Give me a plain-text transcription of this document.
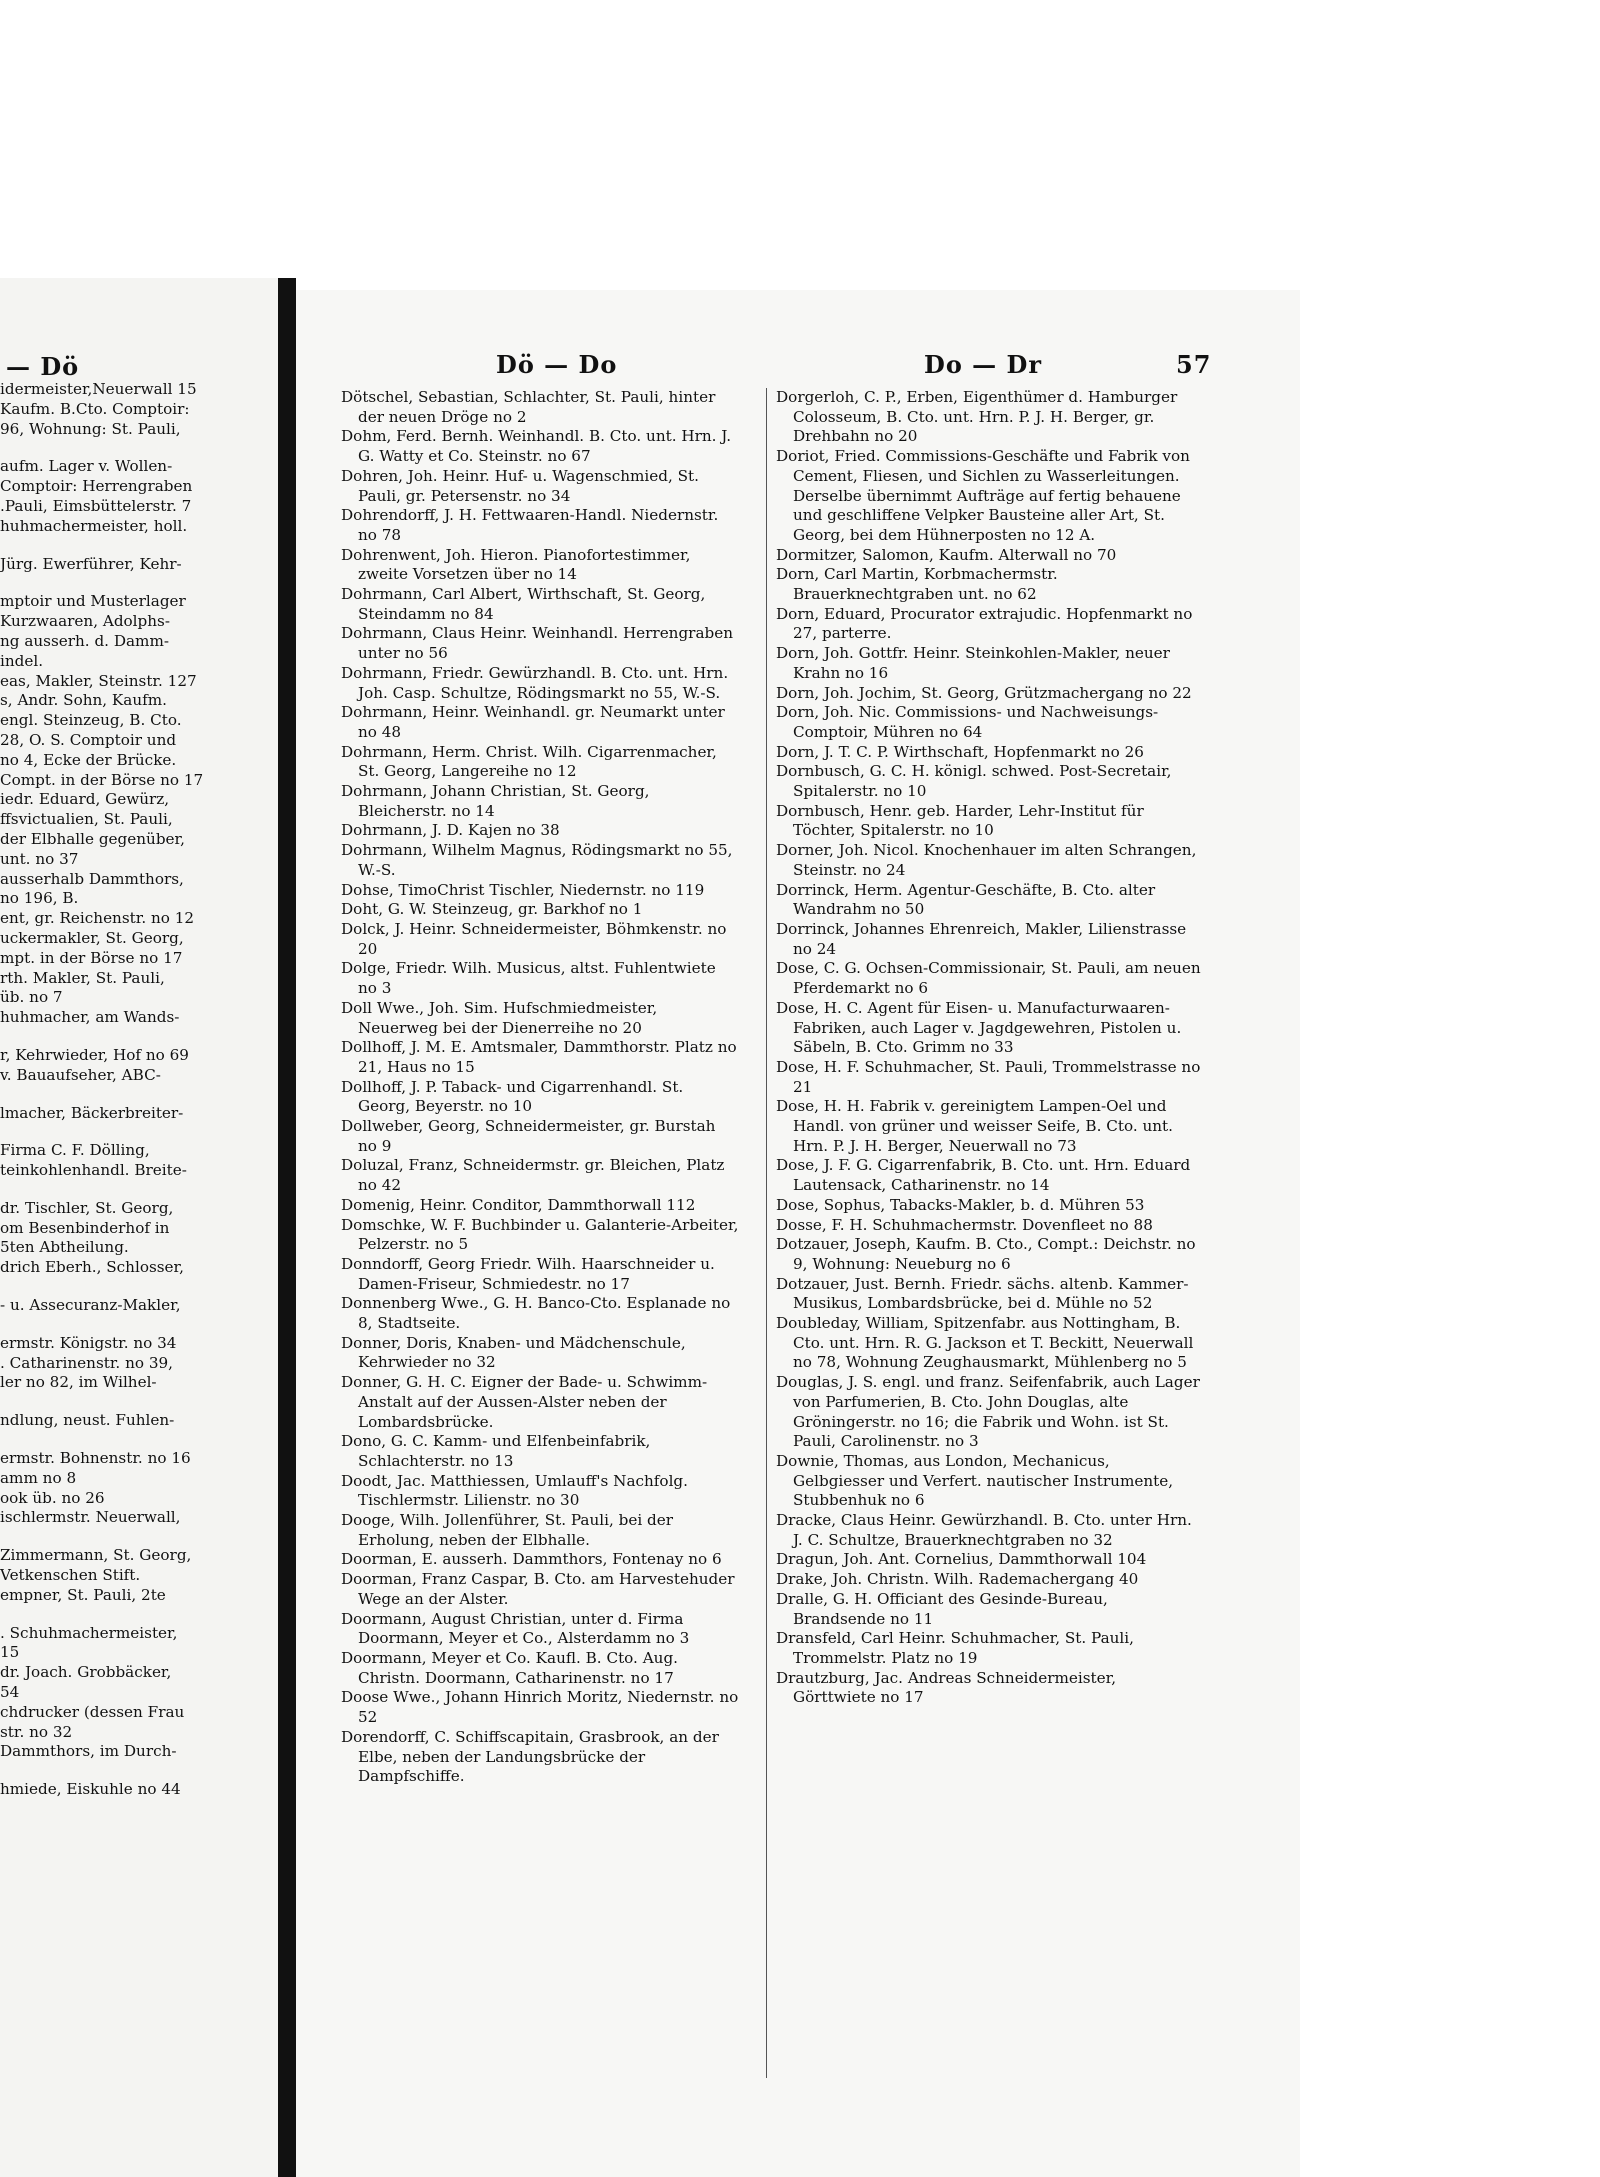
— Dö
idermeister,Neuerwall 15
Kaufm. B.Cto. Comptoir:
96, Wohnung: St. Pauli,
aufm. Lager v. Wollen-
Comptoir: Herrengraben
.Pauli, Eimsbüttelerstr. 7
huhmachermeister, holl.
Jürg. Ewerführer, Kehr-
mptoir und Musterlager
Kurzwaaren, Adolphs-
ng ausserh. d. Damm-
indel.
eas, Makler, Steinstr. 127
s, Andr. Sohn, Kaufm.
engl. Steinzeug, B. Cto.
28, O. S. Comptoir und
no 4, Ecke der Brücke.
Compt. in der Börse no 17
iedr. Eduard, Gewürz,
ffsvictualien, St. Pauli,
der Elbhalle gegenüber,
unt. no 37
ausserhalb Dammthors,
no 196, B.
ent, gr. Reichenstr. no 12
uckermakler, St. Georg,
mpt. in der Börse no 17
rth. Makler, St. Pauli,
üb. no 7
huhmacher, am Wands-
r, Kehrwieder, Hof no 69
v. Bauaufseher, ABC-
lmacher, Bäckerbreiter-
Firma C. F. Dölling,
teinkohlenhandl. Breite-
dr. Tischler, St. Georg,
om Besenbinderhof in
5ten Abtheilung.
drich Eberh., Schlosser,
- u. Assecuranz-Makler,
ermstr. Königstr. no 34
. Catharinenstr. no 39,
ler no 82, im Wilhel-
ndlung, neust. Fuhlen-
ermstr. Bohnenstr. no 16
amm no 8
ook üb. no 26
ischlermstr. Neuerwall,
Zimmermann, St. Georg,
Vetkenschen Stift.
empner, St. Pauli, 2te
. Schuhmachermeister,
15
dr. Joach. Grobbäcker,
54
chdrucker (dessen Frau
str. no 32
Dammthors, im Durch-
hmiede, Eiskuhle no 44
Dö — Do	Do — Dr	57
Dötschel, Sebastian, Schlachter, St. Pauli, hinter der neuen Dröge no 2
Dohm, Ferd. Bernh. Weinhandl. B. Cto. unt. Hrn. J. G. Watty et Co. Steinstr. no 67
Dohren, Joh. Heinr. Huf- u. Wagenschmied, St. Pauli, gr. Petersenstr. no 34
Dohrendorff, J. H. Fettwaaren-Handl. Niedernstr. no 78
Dohrenwent, Joh. Hieron. Pianofortestimmer, zweite Vorsetzen über no 14
Dohrmann, Carl Albert, Wirthschaft, St. Georg, Steindamm no 84
Dohrmann, Claus Heinr. Weinhandl. Herrengraben unter no 56
Dohrmann, Friedr. Gewürzhandl. B. Cto. unt. Hrn. Joh. Casp. Schultze, Rödingsmarkt no 55, W.-S.
Dohrmann, Heinr. Weinhandl. gr. Neumarkt unter no 48
Dohrmann, Herm. Christ. Wilh. Cigarrenmacher, St. Georg, Langereihe no 12
Dohrmann, Johann Christian, St. Georg, Bleicherstr. no 14
Dohrmann, J. D. Kajen no 38
Dohrmann, Wilhelm Magnus, Rödingsmarkt no 55, W.-S.
Dohse, TimoChrist Tischler, Niedernstr. no 119
Doht, G. W. Steinzeug, gr. Barkhof no 1
Dolck, J. Heinr. Schneidermeister, Böhmkenstr. no 20
Dolge, Friedr. Wilh. Musicus, altst. Fuhlentwiete no 3
Doll Wwe., Joh. Sim. Hufschmiedmeister, Neuerweg bei der Dienerreihe no 20
Dollhoff, J. M. E. Amtsmaler, Dammthorstr. Platz no 21, Haus no 15
Dollhoff, J. P. Taback- und Cigarrenhandl. St. Georg, Beyerstr. no 10
Dollweber, Georg, Schneidermeister, gr. Burstah no 9
Doluzal, Franz, Schneidermstr. gr. Bleichen, Platz no 42
Domenig, Heinr. Conditor, Dammthorwall 112
Domschke, W. F. Buchbinder u. Galanterie-Arbeiter, Pelzerstr. no 5
Donndorff, Georg Friedr. Wilh. Haarschneider u. Damen-Friseur, Schmiedestr. no 17
Donnenberg Wwe., G. H. Banco-Cto. Esplanade no 8, Stadtseite.
Donner, Doris, Knaben- und Mädchenschule, Kehrwieder no 32
Donner, G. H. C. Eigner der Bade- u. Schwimm-Anstalt auf der Aussen-Alster neben der Lombardsbrücke.
Dono, G. C. Kamm- und Elfenbeinfabrik, Schlachterstr. no 13
Doodt, Jac. Matthiessen, Umlauff's Nachfolg. Tischlermstr. Lilienstr. no 30
Dooge, Wilh. Jollenführer, St. Pauli, bei der Erholung, neben der Elbhalle.
Doorman, E. ausserh. Dammthors, Fontenay no 6
Doorman, Franz Caspar, B. Cto. am Harvestehuder Wege an der Alster.
Doormann, August Christian, unter d. Firma Doormann, Meyer et Co., Alsterdamm no 3
Doormann, Meyer et Co. Kaufl. B. Cto. Aug. Christn. Doormann, Catharinenstr. no 17
Doose Wwe., Johann Hinrich Moritz, Niedernstr. no 52
Dorendorff, C. Schiffscapitain, Grasbrook, an der Elbe, neben der Landungsbrücke der Dampfschiffe.
Dorgerloh, C. P., Erben, Eigenthümer d. Hamburger Colosseum, B. Cto. unt. Hrn. P. J. H. Berger, gr. Drehbahn no 20
Doriot, Fried. Commissions-Geschäfte und Fabrik von Cement, Fliesen, und Sichlen zu Wasserleitungen. Derselbe übernimmt Aufträge auf fertig behauene und geschliffene Velpker Bausteine aller Art, St. Georg, bei dem Hühnerposten no 12 A.
Dormitzer, Salomon, Kaufm. Alterwall no 70
Dorn, Carl Martin, Korbmachermstr. Brauerknechtgraben unt. no 62
Dorn, Eduard, Procurator extrajudic. Hopfenmarkt no 27, parterre.
Dorn, Joh. Gottfr. Heinr. Steinkohlen-Makler, neuer Krahn no 16
Dorn, Joh. Jochim, St. Georg, Grützmachergang no 22
Dorn, Joh. Nic. Commissions- und Nachweisungs-Comptoir, Mühren no 64
Dorn, J. T. C. P. Wirthschaft, Hopfenmarkt no 26
Dornbusch, G. C. H. königl. schwed. Post-Secretair, Spitalerstr. no 10
Dornbusch, Henr. geb. Harder, Lehr-Institut für Töchter, Spitalerstr. no 10
Dorner, Joh. Nicol. Knochenhauer im alten Schrangen, Steinstr. no 24
Dorrinck, Herm. Agentur-Geschäfte, B. Cto. alter Wandrahm no 50
Dorrinck, Johannes Ehrenreich, Makler, Lilienstrasse no 24
Dose, C. G. Ochsen-Commissionair, St. Pauli, am neuen Pferdemarkt no 6
Dose, H. C. Agent für Eisen- u. Manufacturwaaren-Fabriken, auch Lager v. Jagdgewehren, Pistolen u. Säbeln, B. Cto. Grimm no 33
Dose, H. F. Schuhmacher, St. Pauli, Trommelstrasse no 21
Dose, H. H. Fabrik v. gereinigtem Lampen-Oel und Handl. von grüner und weisser Seife, B. Cto. unt. Hrn. P. J. H. Berger, Neuerwall no 73
Dose, J. F. G. Cigarrenfabrik, B. Cto. unt. Hrn. Eduard Lautensack, Catharinenstr. no 14
Dose, Sophus, Tabacks-Makler, b. d. Mühren 53
Dosse, F. H. Schuhmachermstr. Dovenfleet no 88
Dotzauer, Joseph, Kaufm. B. Cto., Compt.: Deichstr. no 9, Wohnung: Neueburg no 6
Dotzauer, Just. Bernh. Friedr. sächs. altenb. Kammer-Musikus, Lombardsbrücke, bei d. Mühle no 52
Doubleday, William, Spitzenfabr. aus Nottingham, B. Cto. unt. Hrn. R. G. Jackson et T. Beckitt, Neuerwall no 78, Wohnung Zeughausmarkt, Mühlenberg no 5
Douglas, J. S. engl. und franz. Seifenfabrik, auch Lager von Parfumerien, B. Cto. John Douglas, alte Gröningerstr. no 16; die Fabrik und Wohn. ist St. Pauli, Carolinenstr. no 3
Downie, Thomas, aus London, Mechanicus, Gelbgiesser und Verfert. nautischer Instrumente, Stubbenhuk no 6
Dracke, Claus Heinr. Gewürzhandl. B. Cto. unter Hrn. J. C. Schultze, Brauerknechtgraben no 32
Dragun, Joh. Ant. Cornelius, Dammthorwall 104
Drake, Joh. Christn. Wilh. Rademachergang 40
Dralle, G. H. Officiant des Gesinde-Bureau, Brandsende no 11
Dransfeld, Carl Heinr. Schuhmacher, St. Pauli, Trommelstr. Platz no 19
Drautzburg, Jac. Andreas Schneidermeister, Görttwiete no 17
